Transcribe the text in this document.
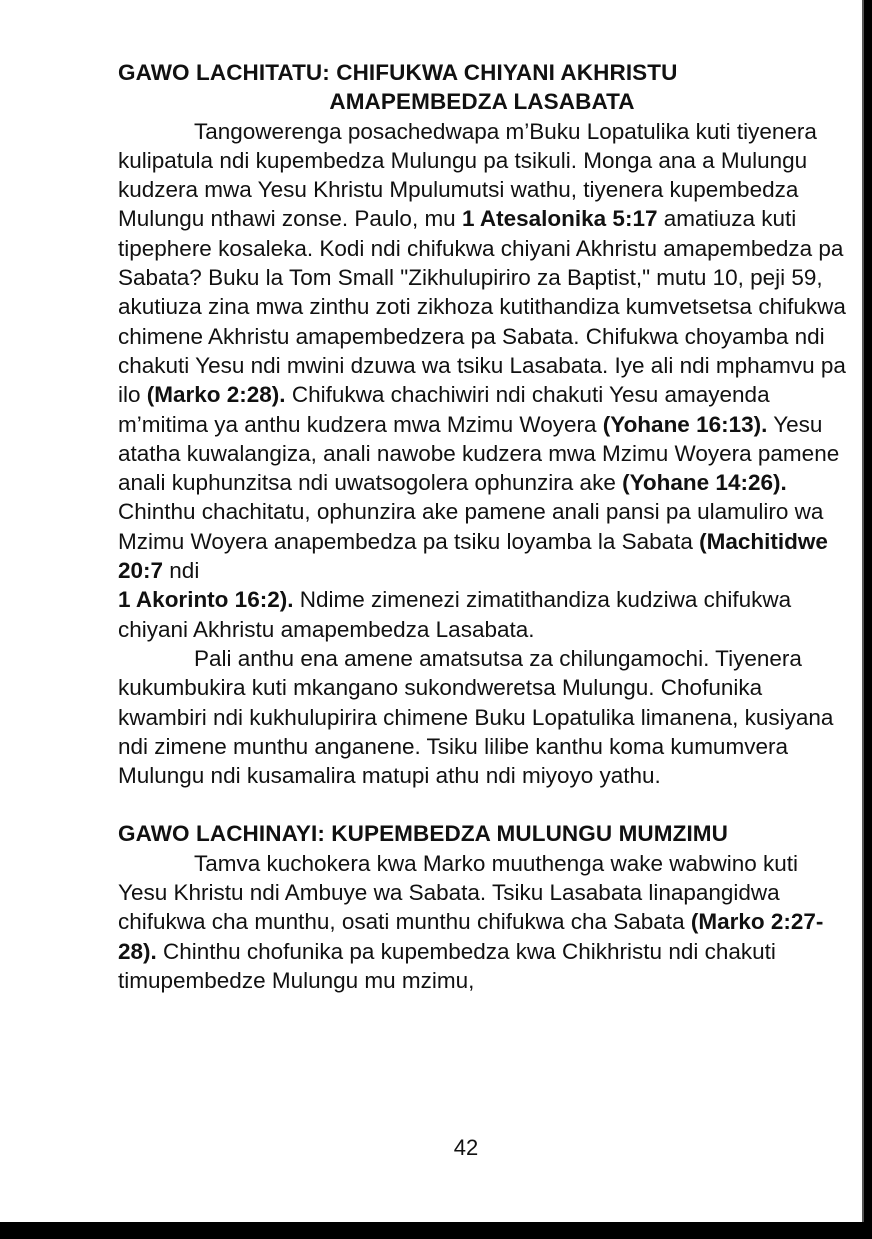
GAWO LACHITATU: CHIFUKWA CHIYANI AKHRISTU
AMAPEMBEDZA LASABATA

Tangowerenga posachedwapa m’Buku Lopatulika kuti tiyenera kulipatula ndi kupembedza Mulungu pa tsikuli. Monga ana a Mulungu kudzera mwa Yesu Khristu Mpulumutsi wathu, tiyenera kupembedza Mulungu nthawi zonse. Paulo, mu 1 Atesalonika 5:17 amatiuza kuti tipephere kosaleka. Kodi ndi chifukwa chiyani Akhristu amapembedza pa Sabata? Buku la Tom Small "Zikhulupiriro za Baptist," mutu 10, peji 59, akutiuza zina mwa zinthu zoti zikhoza kutithandiza kumvetsetsa chifukwa chimene Akhristu amapembedzera pa Sabata. Chifukwa choyamba ndi chakuti Yesu ndi mwini dzuwa wa tsiku Lasabata. Iye ali ndi mphamvu pa ilo (Marko 2:28). Chifukwa chachiwiri ndi chakuti Yesu amayenda m’mitima ya anthu kudzera mwa Mzimu Woyera (Yohane 16:13). Yesu atatha kuwalangiza, anali nawobe kudzera mwa Mzimu Woyera pamene anali kuphunzitsa ndi uwatsogolera ophunzira ake (Yohane 14:26). Chinthu chachitatu, ophunzira ake pamene anali pansi pa ulamuliro wa Mzimu Woyera anapembedza pa tsiku loyamba la Sabata (Machitidwe 20:7 ndi
1 Akorinto 16:2). Ndime zimenezi zimatithandiza kudziwa chifukwa chiyani Akhristu amapembedza Lasabata.

Pali anthu ena amene amatsutsa za chilungamochi. Tiyenera kukumbukira kuti mkangano sukondweretsa Mulungu. Chofunika kwambiri ndi kukhulupirira chimene Buku Lopatulika limanena, kusiyana ndi zimene munthu anganene. Tsiku lilibe kanthu koma kumumvera Mulungu ndi kusamalira matupi athu ndi miyoyo yathu.

GAWO LACHINAYI: KUPEMBEDZA MULUNGU MUMZIMU

Tamva kuchokera kwa Marko muuthenga wake wabwino kuti Yesu Khristu ndi Ambuye wa Sabata. Tsiku Lasabata linapangidwa chifukwa cha munthu, osati munthu chifukwa cha Sabata (Marko 2:27-28). Chinthu chofunika pa kupembedza kwa Chikhristu ndi chakuti timupembedze Mulungu mu mzimu,

42
